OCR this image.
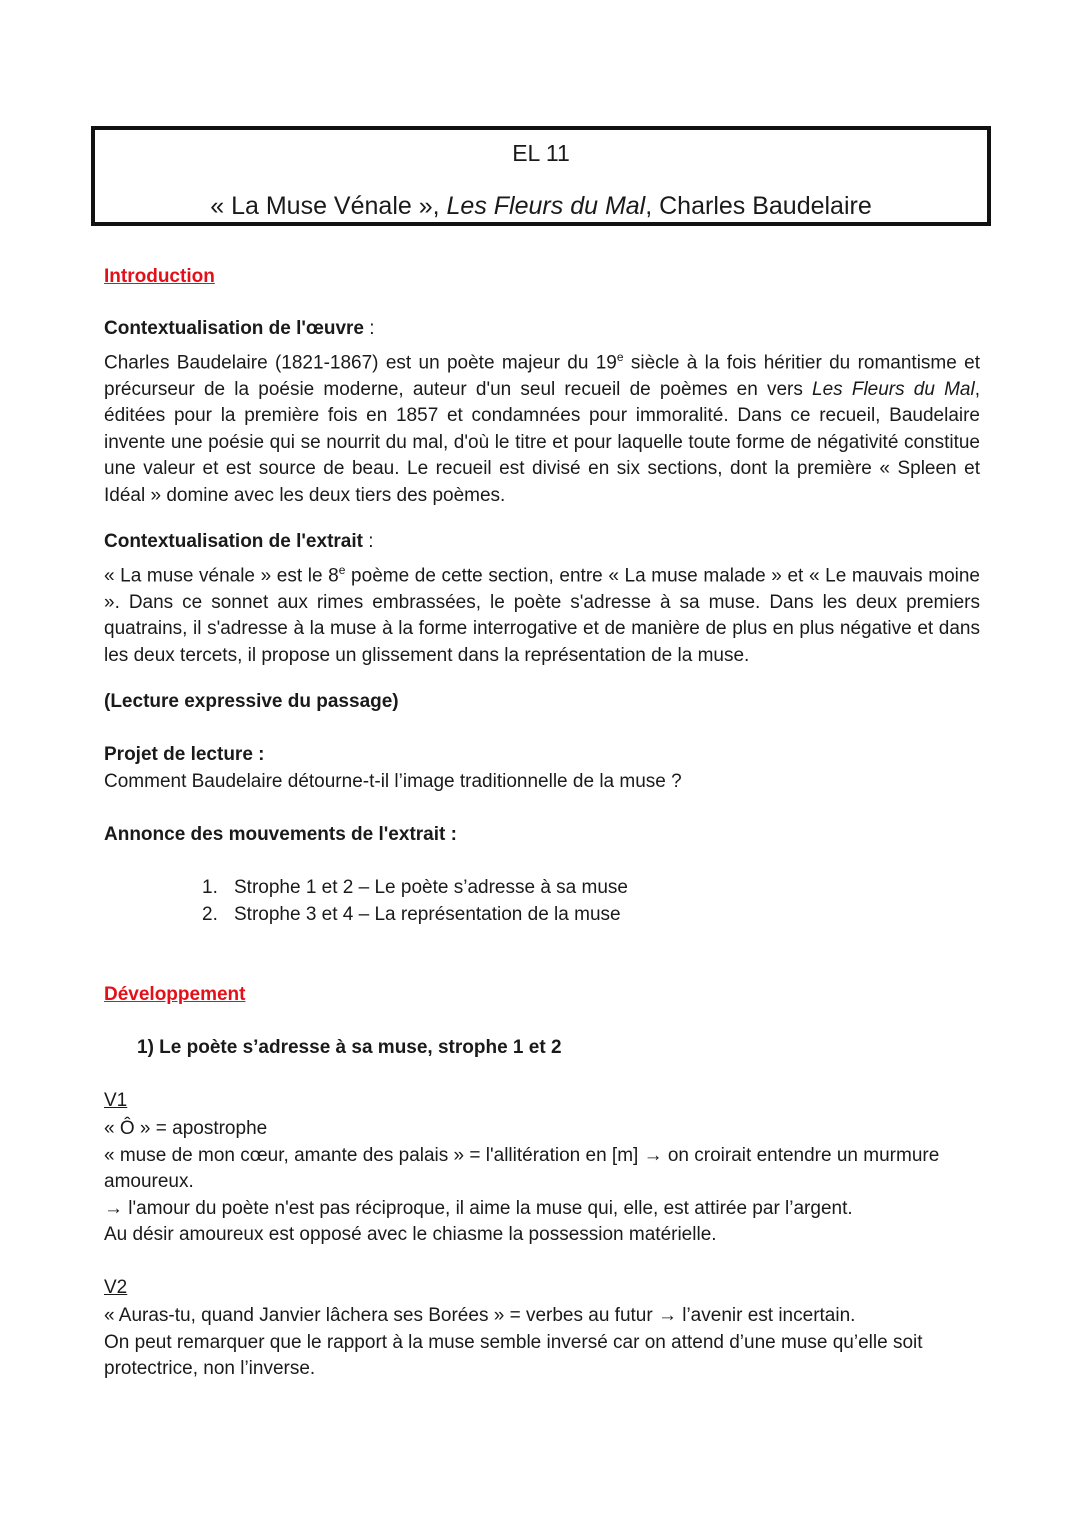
EL 11
« La Muse Vénale », Les Fleurs du Mal, Charles Baudelaire
Introduction
Contextualisation de l'œuvre :

Charles Baudelaire (1821-1867) est un poète majeur du 19e siècle à la fois héritier du romantisme et précurseur de la poésie moderne, auteur d'un seul recueil de poèmes en vers Les Fleurs du Mal, éditées pour la première fois en 1857 et condamnées pour immoralité. Dans ce recueil, Baudelaire invente une poésie qui se nourrit du mal, d'où le titre et pour laquelle toute forme de négativité constitue une valeur et est source de beau. Le recueil est divisé en six sections, dont la première « Spleen et Idéal » domine avec les deux tiers des poèmes.

Contextualisation de l'extrait :

« La muse vénale » est le 8e poème de cette section, entre « La muse malade » et « Le mauvais moine ». Dans ce sonnet aux rimes embrassées, le poète s'adresse à sa muse. Dans les deux premiers quatrains, il s'adresse à la muse à la forme interrogative et de manière de plus en plus négative et dans les deux tercets, il propose un glissement dans la représentation de la muse.

(Lecture expressive du passage)
Projet de lecture :
Comment Baudelaire détourne-t-il l’image traditionnelle de la muse ?
Annonce des mouvements de l'extrait :
1. Strophe 1 et 2 – Le poète s’adresse à sa muse
2. Strophe 3 et 4 – La représentation de la muse
Développement
1) Le poète s’adresse à sa muse, strophe 1 et 2
V1

« Ô » = apostrophe

« muse de mon cœur, amante des palais » = l'allitération en [m] → on croirait entendre un murmure amoureux.

→ l'amour du poète n'est pas réciproque, il aime la muse qui, elle, est attirée par l’argent.

Au désir amoureux est opposé avec le chiasme la possession matérielle.

V2

« Auras-tu, quand Janvier lâchera ses Borées » = verbes au futur → l’avenir est incertain.

On peut remarquer que le rapport à la muse semble inversé car on attend d’une muse qu’elle soit protectrice, non l’inverse.
